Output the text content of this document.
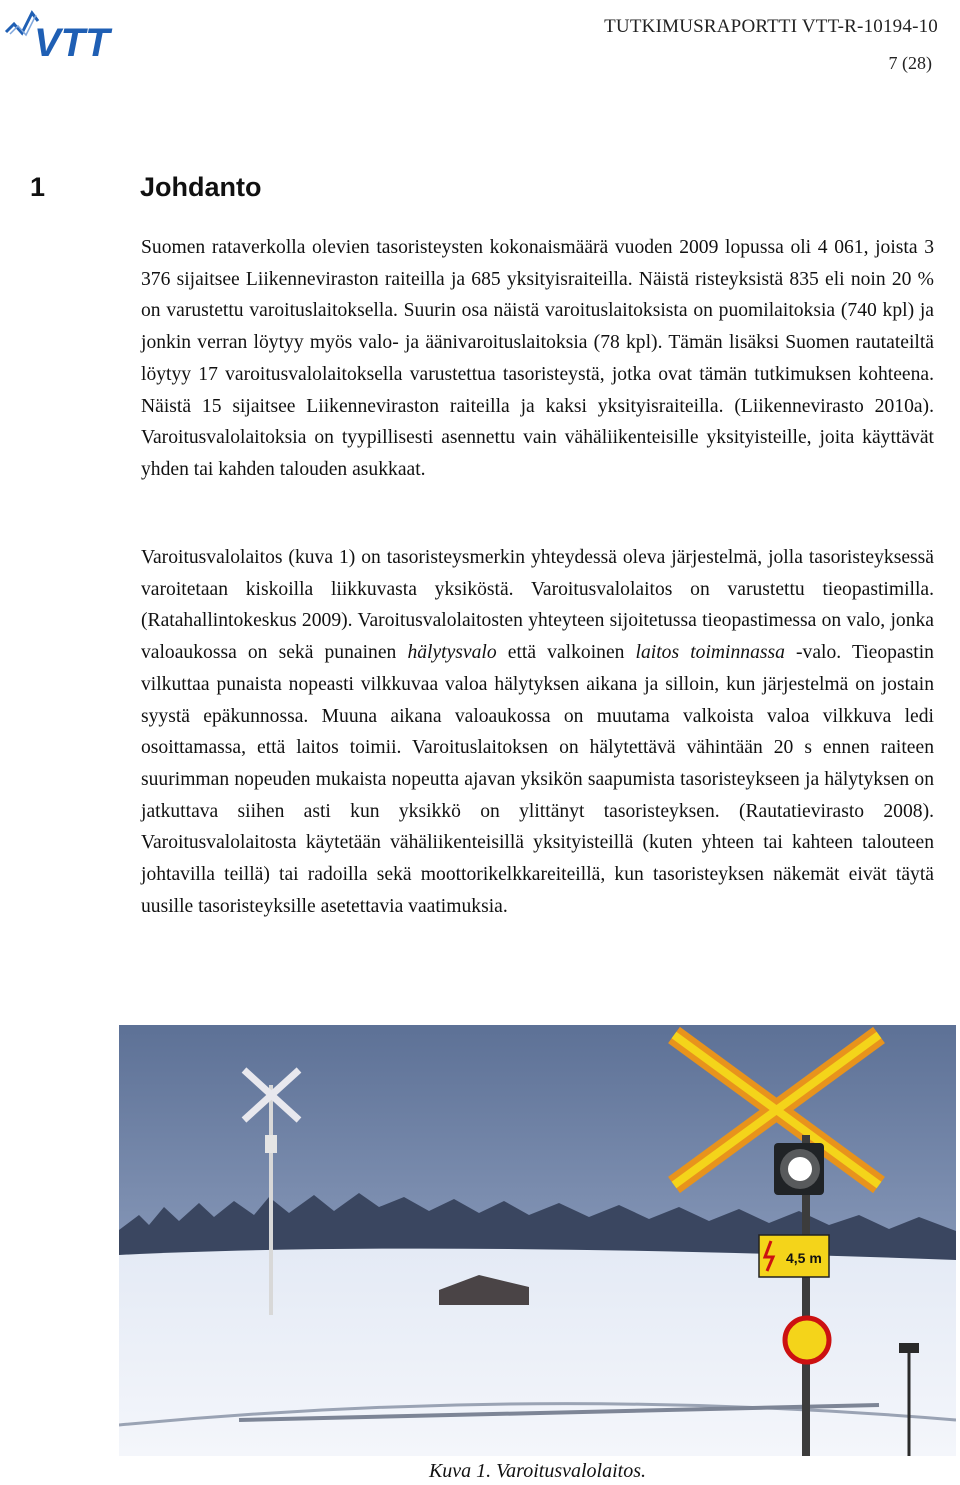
VTT	TUTKIMUSRAPORTTI VTT-R-10194-10
7 (28)
1	Johdanto
Suomen rataverkolla olevien tasoristeysten kokonaismäärä vuoden 2009 lopussa oli 4 061, joista 3 376 sijaitsee Liikenneviraston raiteilla ja 685 yksityisraiteilla. Näistä risteyksistä 835 eli noin 20 % on varustettu varoituslaitoksella. Suurin osa näistä varoituslaitoksista on puomilaitoksia (740 kpl) ja jonkin verran löytyy myös valo- ja äänivaroituslaitoksia (78 kpl). Tämän lisäksi Suomen rautateiltä löytyy 17 varoitusvalolaitoksella varustettua tasoristeystä, jotka ovat tämän tutkimuksen kohteena. Näistä 15 sijaitsee Liikenneviraston raiteilla ja kaksi yksityisraiteilla. (Liikennevirasto 2010a). Varoitusvalolaitoksia on tyypillisesti asennettu vain vähäliikenteisille yksityisteille, joita käyttävät yhden tai kahden talouden asukkaat.
Varoitusvalolaitos (kuva 1) on tasoristeysmerkin yhteydessä oleva järjestelmä, jolla tasoristeyksessä varoitetaan kiskoilla liikkuvasta yksiköstä. Varoitusvalolaitos on varustettu tieopastimilla. (Ratahallintokeskus 2009). Varoitusvalolaitosten yhteyteen sijoitetussa tieopastimessa on valo, jonka valoaukossa on sekä punainen hälytysvalo että valkoinen laitos toiminnassa -valo. Tieopastin vilkuttaa punaista nopeasti vilkkuvaa valoa hälytyksen aikana ja silloin, kun järjestelmä on jostain syystä epäkunnossa. Muuna aikana valoaukossa on muutama valkoista valoa vilkkuva ledi osoittamassa, että laitos toimii. Varoituslaitoksen on hälytettävä vähintään 20 s ennen raiteen suurimman nopeuden mukaista nopeutta ajavan yksikön saapumista tasoristeykseen ja hälytyksen on jatkuttava siihen asti kun yksikkö on ylittänyt tasoristeyksen. (Rautatievirasto 2008). Varoitusvalolaitosta käytetään vähäliikenteisillä yksityisteillä (kuten yhteen tai kahteen talouteen johtavilla teillä) tai radoilla sekä moottorikelkkareiteillä, kun tasoristeyksen näkemät eivät täytä uusille tasoristeyksille asetettavia vaatimuksia.
4,5 m
Kuva 1. Varoitusvalolaitos.
